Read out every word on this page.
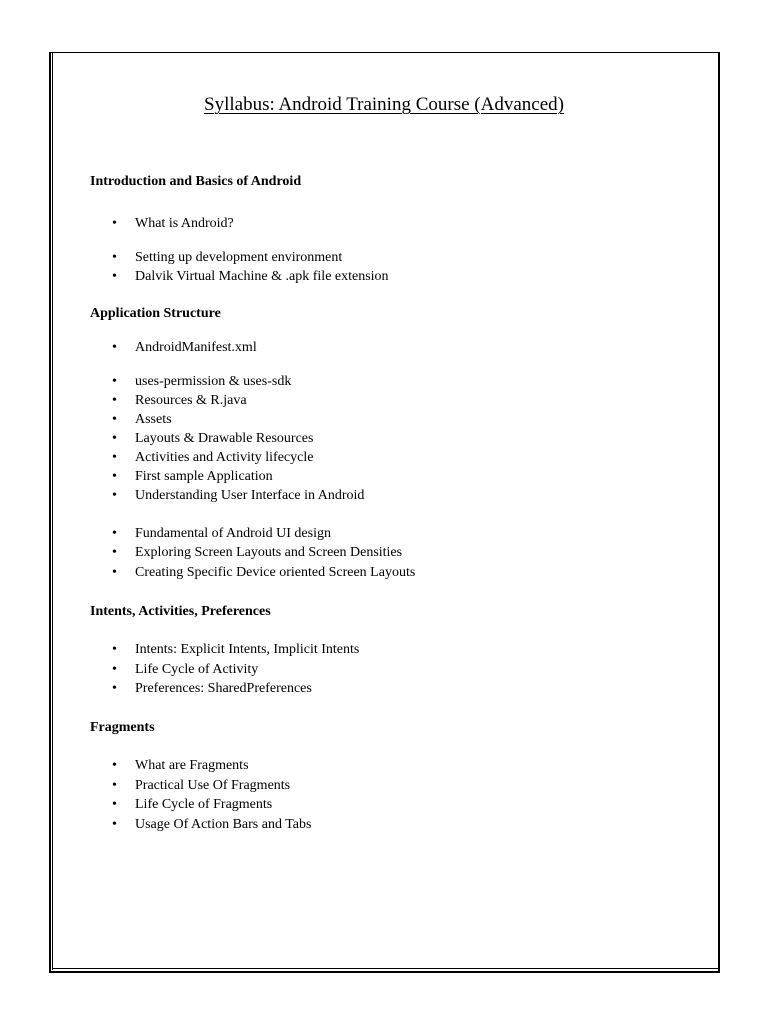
Syllabus: Android Training Course (Advanced)
Introduction and Basics of Android
• What is Android?
• Setting up development environment
• Dalvik Virtual Machine & .apk file extension
Application Structure
• AndroidManifest.xml
• uses-permission & uses-sdk
• Resources & R.java
• Assets
• Layouts & Drawable Resources
• Activities and Activity lifecycle
• First sample Application
• Understanding User Interface in Android
• Fundamental of Android UI design
• Exploring Screen Layouts and Screen Densities
• Creating Specific Device oriented Screen Layouts
Intents, Activities, Preferences
• Intents: Explicit Intents, Implicit Intents
• Life Cycle of Activity
• Preferences: SharedPreferences
Fragments
• What are Fragments
• Practical Use Of Fragments
• Life Cycle of Fragments
• Usage Of Action Bars and Tabs
